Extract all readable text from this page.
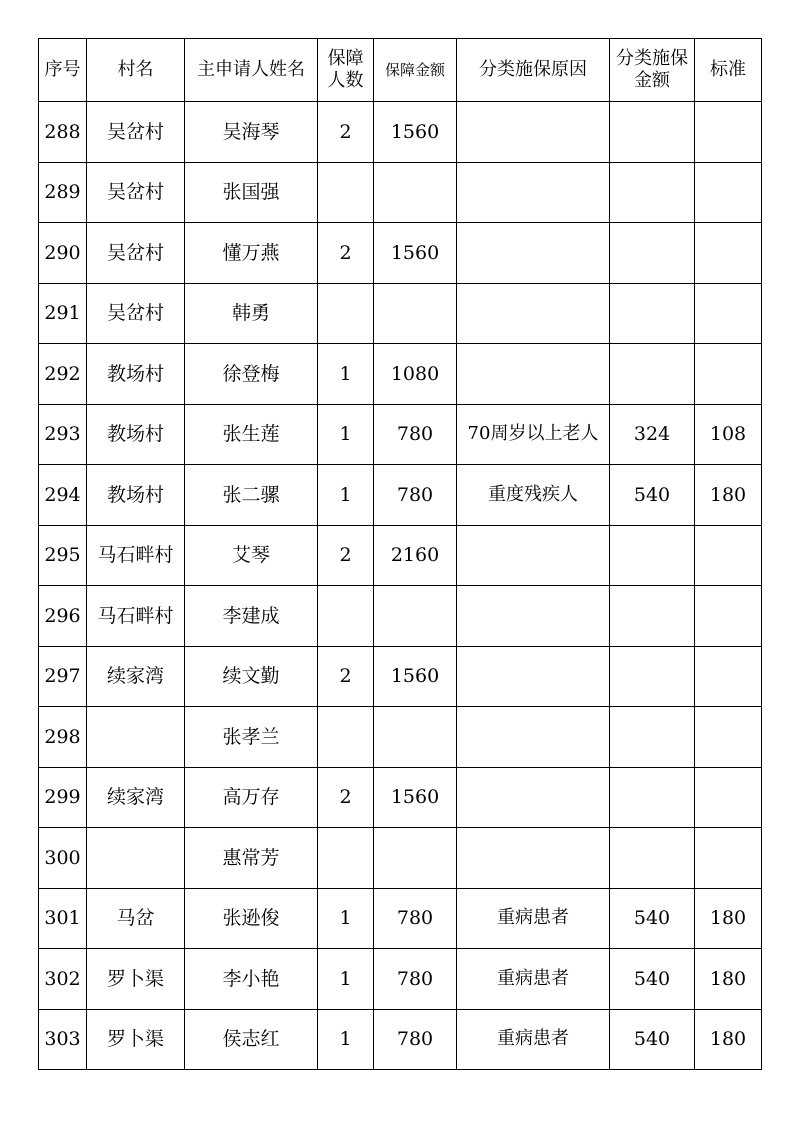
序号	村名	主申请人姓名	保障人数	保障金额	分类施保原因	分类施保金额	标准
288	吴岔村	吴海琴	2	1560			
289	吴岔村	张国强					
290	吴岔村	懂万燕	2	1560			
291	吴岔村	韩勇					
292	教场村	徐登梅	1	1080			
293	教场村	张生莲	1	780	70周岁以上老人	324	108
294	教场村	张二骡	1	780	重度残疾人	540	180
295	马石畔村	艾琴	2	2160			
296	马石畔村	李建成					
297	续家湾	续文勤	2	1560			
298		张孝兰					
299	续家湾	高万存	2	1560			
300		惠常芳					
301	马岔	张逊俊	1	780	重病患者	540	180
302	罗卜渠	李小艳	1	780	重病患者	540	180
303	罗卜渠	侯志红	1	780	重病患者	540	180
